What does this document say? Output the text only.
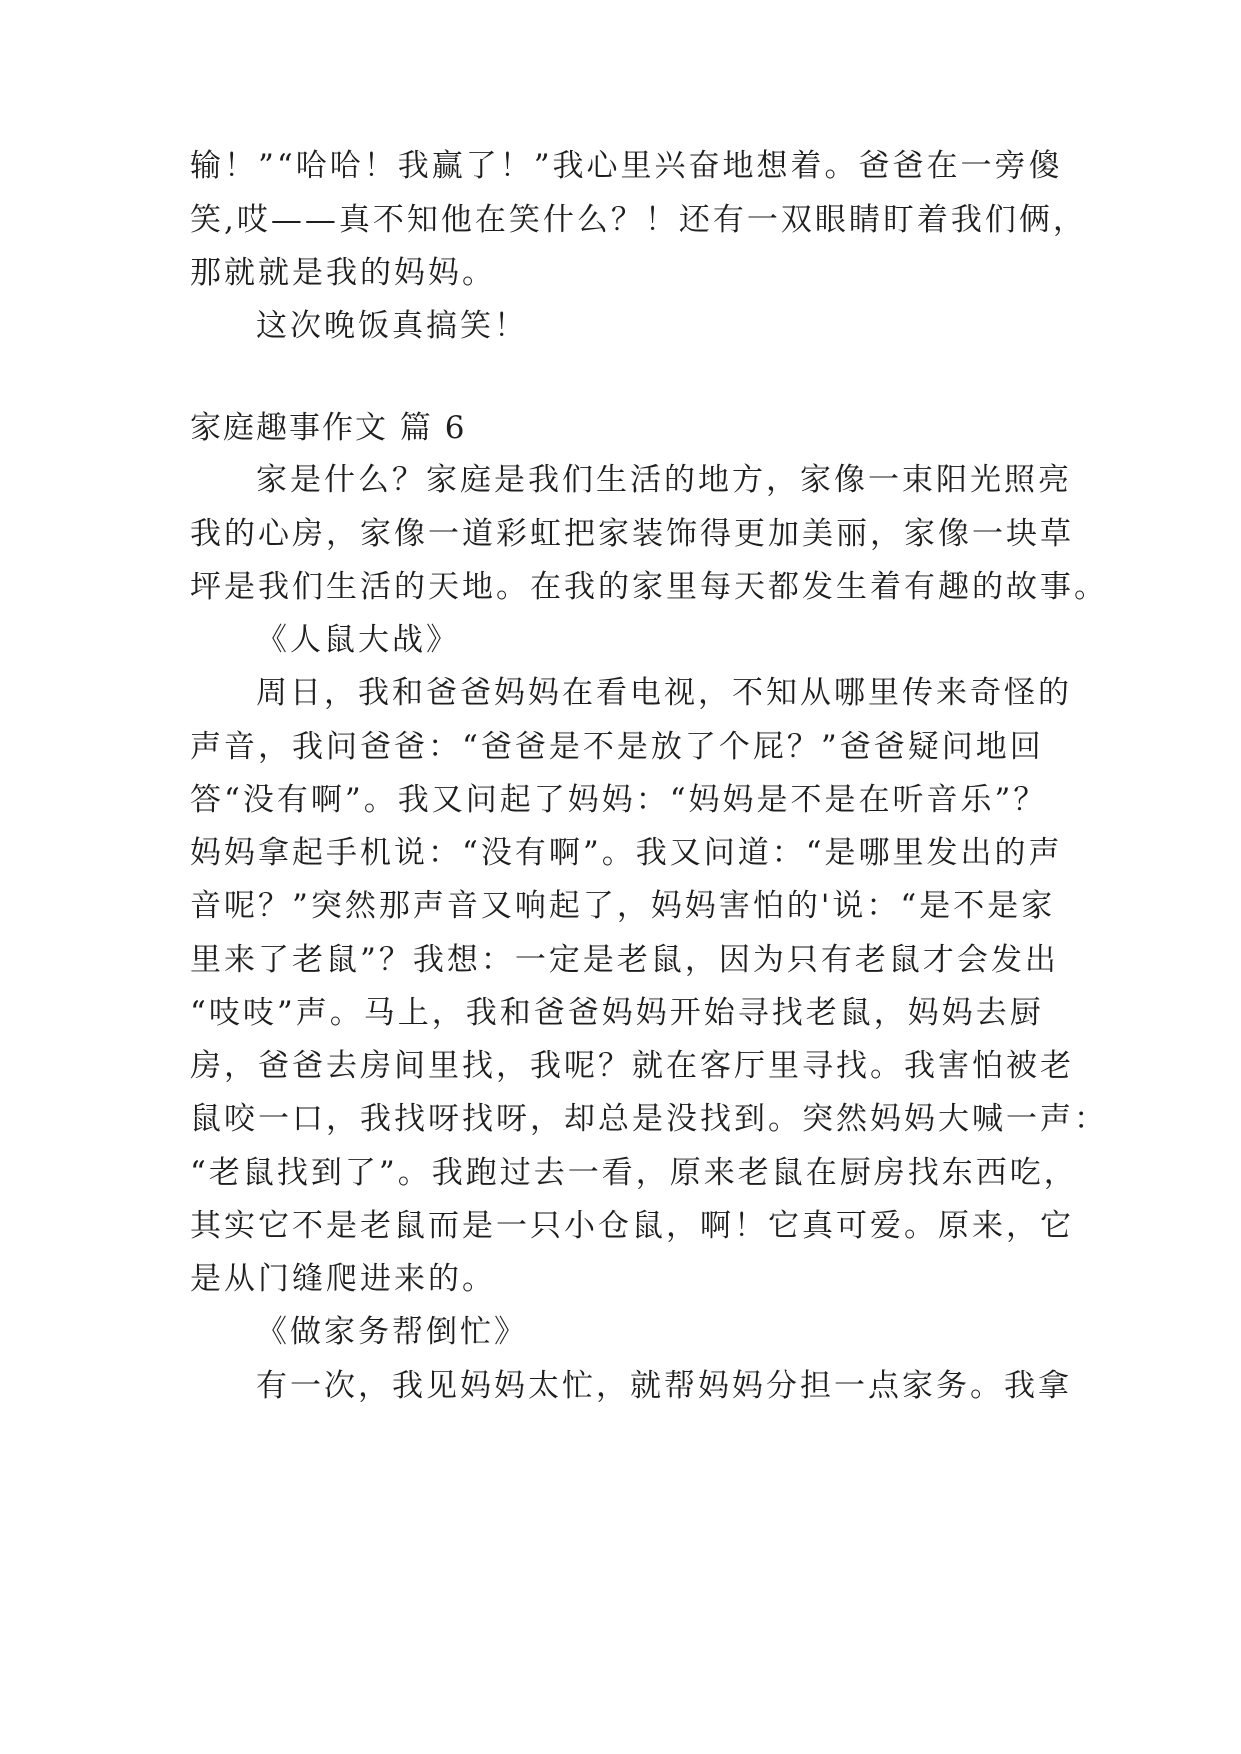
输！”“哈哈！我赢了！”我心里兴奋地想着。爸爸在一旁傻
笑,哎——真不知他在笑什么？！还有一双眼睛盯着我们俩，
那就就是我的妈妈。
这次晚饭真搞笑！
家庭趣事作文 篇 6
家是什么？家庭是我们生活的地方，家像一束阳光照亮
我的心房，家像一道彩虹把家装饰得更加美丽，家像一块草
坪是我们生活的天地。在我的家里每天都发生着有趣的故事。
《人鼠大战》
周日，我和爸爸妈妈在看电视，不知从哪里传来奇怪的
声音，我问爸爸：“爸爸是不是放了个屁？”爸爸疑问地回
答“没有啊”。我又问起了妈妈：“妈妈是不是在听音乐”？
妈妈拿起手机说：“没有啊”。我又问道：“是哪里发出的声
音呢？”突然那声音又响起了，妈妈害怕的'说：“是不是家
里来了老鼠”？我想：一定是老鼠，因为只有老鼠才会发出
“吱吱”声。马上，我和爸爸妈妈开始寻找老鼠，妈妈去厨
房，爸爸去房间里找，我呢？就在客厅里寻找。我害怕被老
鼠咬一口，我找呀找呀，却总是没找到。突然妈妈大喊一声：
“老鼠找到了”。我跑过去一看，原来老鼠在厨房找东西吃，
其实它不是老鼠而是一只小仓鼠，啊！它真可爱。原来，它
是从门缝爬进来的。
《做家务帮倒忙》
有一次，我见妈妈太忙，就帮妈妈分担一点家务。我拿
